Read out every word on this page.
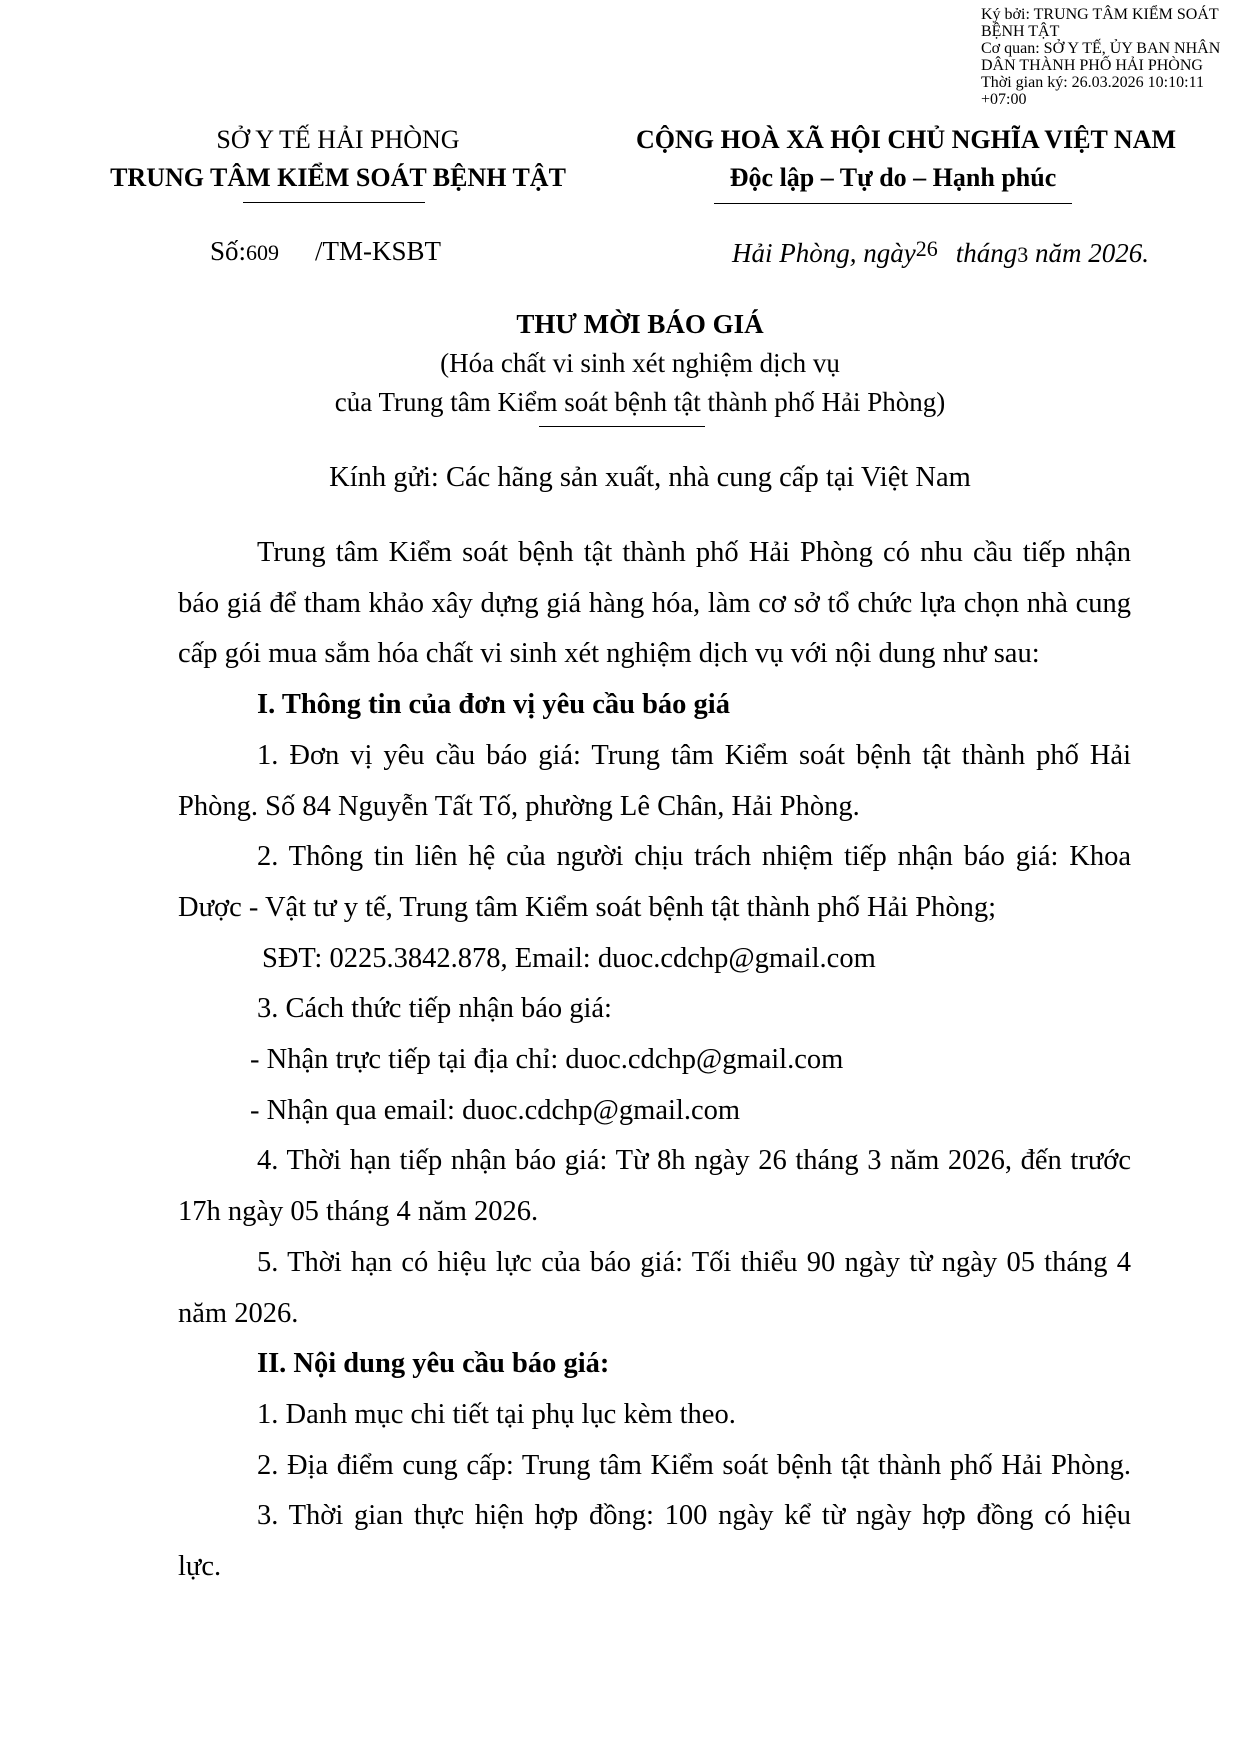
Ký bởi: TRUNG TÂM KIỂM SOÁT BỆNH TẬT
Cơ quan: SỞ Y TẾ, ỦY BAN NHÂN DÂN THÀNH PHỐ HẢI PHÒNG
Thời gian ký: 26.03.2026 10:10:11 +07:00
SỞ Y TẾ HẢI PHÒNG
TRUNG TÂM KIỂM SOÁT BỆNH TẬT
CỘNG HOÀ XÃ HỘI CHỦ NGHĨA VIỆT NAM
Độc lập – Tự do – Hạnh phúc
Số:609 /TM-KSBT	Hải Phòng, ngày$^{26}$ tháng3 năm 2026.
THƯ MỜI BÁO GIÁ
(Hóa chất vi sinh xét nghiệm dịch vụ
của Trung tâm Kiểm soát bệnh tật thành phố Hải Phòng)
Kính gửi: Các hãng sản xuất, nhà cung cấp tại Việt Nam
Trung tâm Kiểm soát bệnh tật thành phố Hải Phòng có nhu cầu tiếp nhận
báo giá để tham khảo xây dựng giá hàng hóa, làm cơ sở tổ chức lựa chọn nhà cung
cấp gói mua sắm hóa chất vi sinh xét nghiệm dịch vụ với nội dung như sau:
I. Thông tin của đơn vị yêu cầu báo giá
1. Đơn vị yêu cầu báo giá: Trung tâm Kiểm soát bệnh tật thành phố Hải
Phòng. Số 84 Nguyễn Tất Tố, phường Lê Chân, Hải Phòng.
2. Thông tin liên hệ của người chịu trách nhiệm tiếp nhận báo giá: Khoa
Dược - Vật tư y tế, Trung tâm Kiểm soát bệnh tật thành phố Hải Phòng;
SĐT: 0225.3842.878, Email: duoc.cdchp@gmail.com
3. Cách thức tiếp nhận báo giá:
- Nhận trực tiếp tại địa chỉ: duoc.cdchp@gmail.com
- Nhận qua email: duoc.cdchp@gmail.com
4. Thời hạn tiếp nhận báo giá: Từ 8h ngày 26 tháng 3 năm 2026, đến trước
17h ngày 05 tháng 4 năm 2026.
5. Thời hạn có hiệu lực của báo giá: Tối thiểu 90 ngày từ ngày 05 tháng 4
năm 2026.
II. Nội dung yêu cầu báo giá:
1. Danh mục chi tiết tại phụ lục kèm theo.
2. Địa điểm cung cấp: Trung tâm Kiểm soát bệnh tật thành phố Hải Phòng.
3. Thời gian thực hiện hợp đồng: 100 ngày kể từ ngày hợp đồng có hiệu
lực.
